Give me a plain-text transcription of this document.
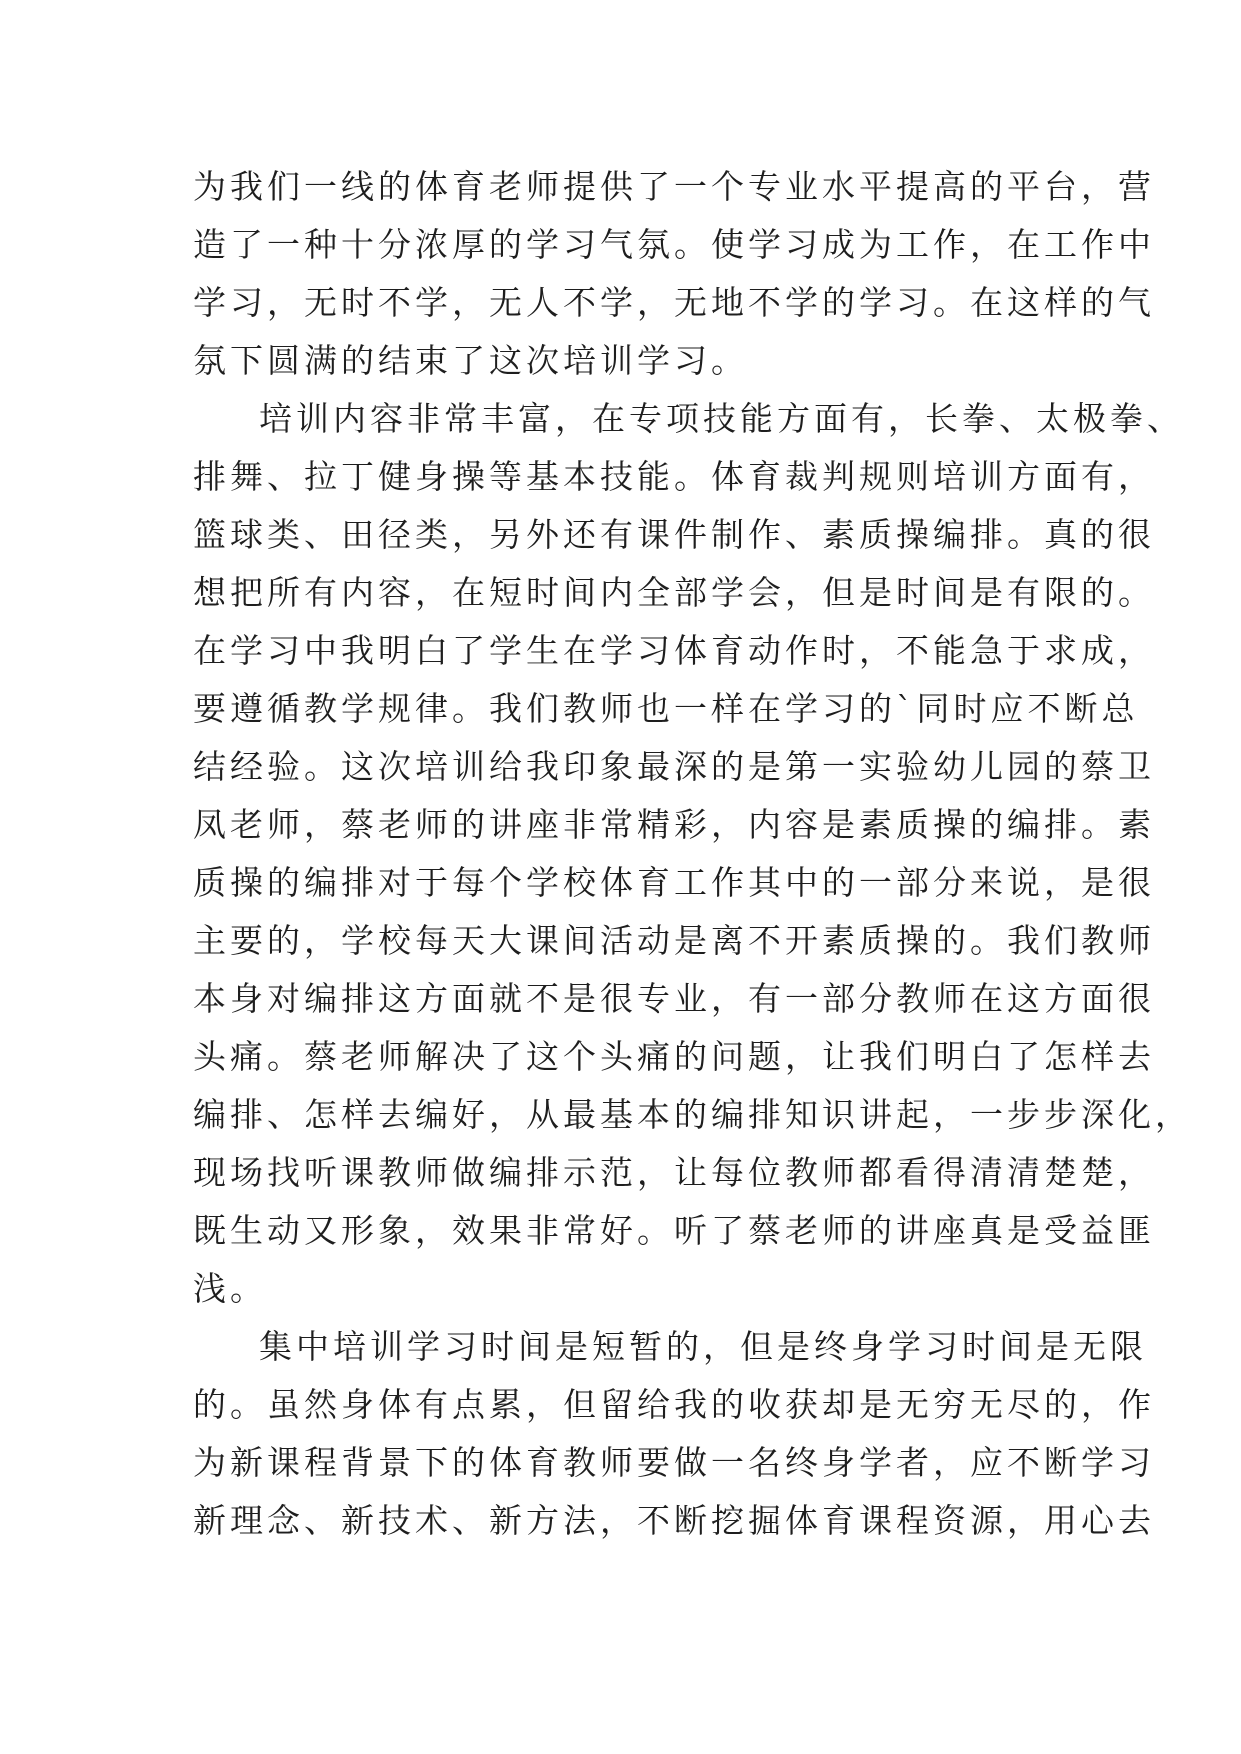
为我们一线的体育老师提供了一个专业水平提高的平台，营
造了一种十分浓厚的学习气氛。使学习成为工作，在工作中
学习，无时不学，无人不学，无地不学的学习。在这样的气
氛下圆满的结束了这次培训学习。
培训内容非常丰富，在专项技能方面有，长拳、太极拳、
排舞、拉丁健身操等基本技能。体育裁判规则培训方面有，
篮球类、田径类，另外还有课件制作、素质操编排。真的很
想把所有内容，在短时间内全部学会，但是时间是有限的。
在学习中我明白了学生在学习体育动作时，不能急于求成，
要遵循教学规律。我们教师也一样在学习的`同时应不断总
结经验。这次培训给我印象最深的是第一实验幼儿园的蔡卫
凤老师，蔡老师的讲座非常精彩，内容是素质操的编排。素
质操的编排对于每个学校体育工作其中的一部分来说，是很
主要的，学校每天大课间活动是离不开素质操的。我们教师
本身对编排这方面就不是很专业，有一部分教师在这方面很
头痛。蔡老师解决了这个头痛的问题，让我们明白了怎样去
编排、怎样去编好，从最基本的编排知识讲起，一步步深化，
现场找听课教师做编排示范，让每位教师都看得清清楚楚，
既生动又形象，效果非常好。听了蔡老师的讲座真是受益匪
浅。
集中培训学习时间是短暂的，但是终身学习时间是无限
的。虽然身体有点累，但留给我的收获却是无穷无尽的，作
为新课程背景下的体育教师要做一名终身学者，应不断学习
新理念、新技术、新方法，不断挖掘体育课程资源，用心去
